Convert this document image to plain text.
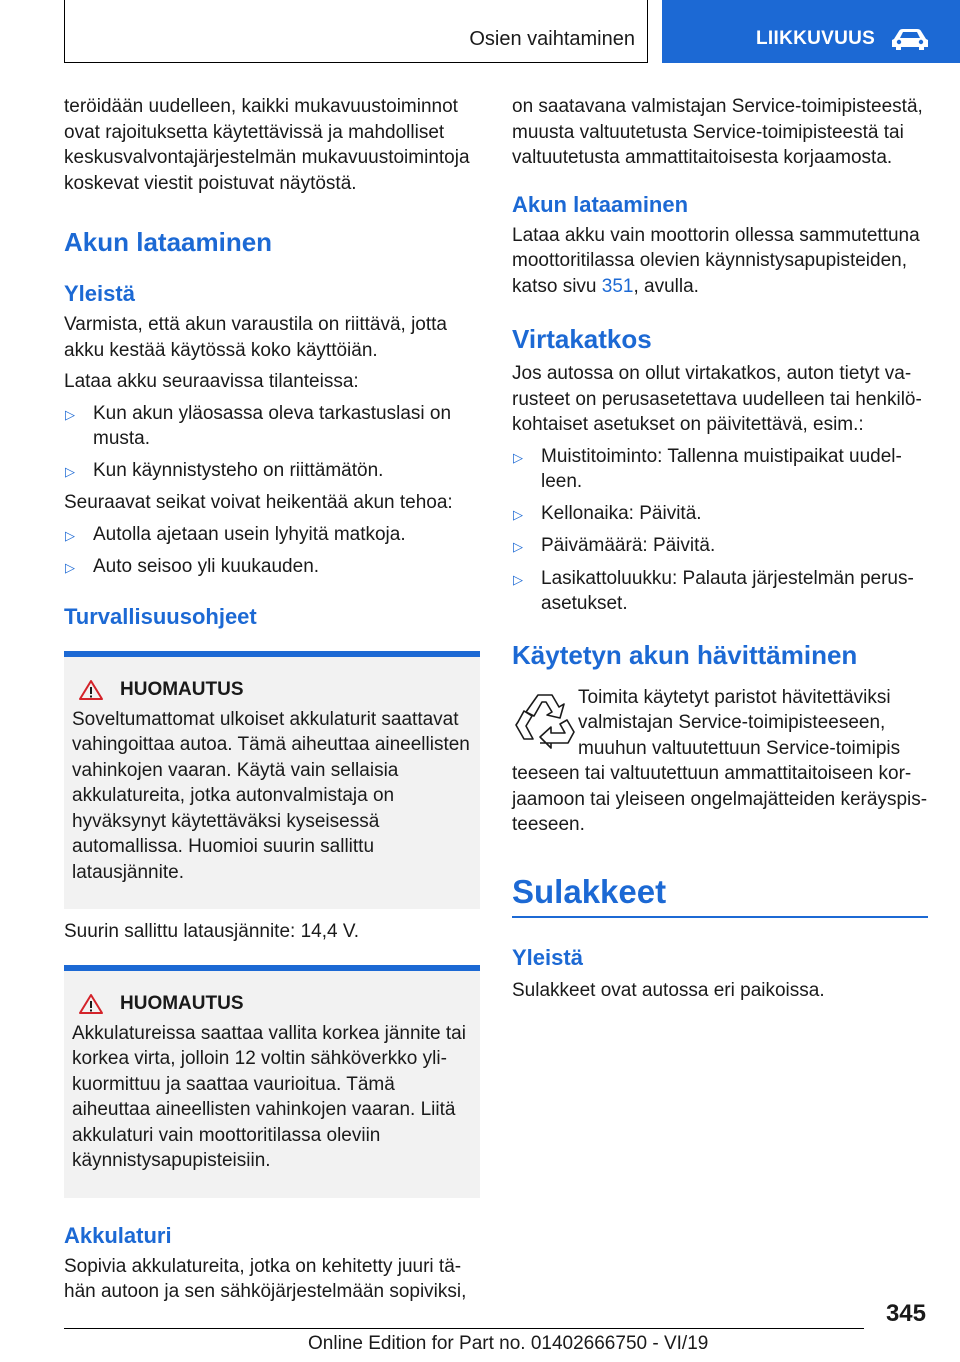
Osien vaihtaminen	LIIKKUVUUS

teröidään uudelleen, kaikki mukavuustoiminnot ovat rajoituksetta käytettävissä ja mahdolliset keskusvalvontajärjestelmän mukavuustoimintoja koskevat viestit poistuvat näytöstä.

Akun lataaminen
Yleistä

Varmista, että akun varaustila on riittävä, jotta akku kestää käytössä koko käyttöiän.

Lataa akku seuraavissa tilanteissa:

▷ Kun akun yläosassa oleva tarkastuslasi on musta.
▷ Kun käynnistysteho on riittämätön.

Seuraavat seikat voivat heikentää akun tehoa:

▷ Autolla ajetaan usein lyhyitä matkoja.
▷ Auto seisoo yli kuukauden.
Turvallisuusohjeet
HUOMAUTUS

Soveltumattomat ulkoiset akkulaturit saattavat vahingoittaa autoa. Tämä aiheuttaa aineellisten vahinkojen vaaran. Käytä vain sellaisia akkulatureita, jotka autonvalmistaja on hyväksynyt käytettäväksi kyseisessä automallissa. Huomioi suurin sallittu latausjännite.

Suurin sallittu latausjännite: 14,4 V.

HUOMAUTUS

Akkulatureissa saattaa vallita korkea jännite tai korkea virta, jolloin 12 voltin sähköverkko ylikuormittuu ja saattaa vaurioitua. Tämä aiheuttaa aineellisten vahinkojen vaaran. Liitä akkulaturi vain moottoritilassa oleviin käynnistysapupisteisiin.

Akkulaturi

Sopivia akkulatureita, jotka on kehitetty juuri tähän autoon ja sen sähköjärjestelmään sopiviksi,

on saatavana valmistajan Service-toimipisteestä, muusta valtuutetusta Service-toimipisteestä tai valtuutetusta ammattitaitoisesta korjaamosta.

Akun lataaminen

Lataa akku vain moottorin ollessa sammutettuna moottoritilassa olevien käynnistysapupisteiden, katso sivu 351, avulla.

Virtakatkos

Jos autossa on ollut virtakatkos, auton tietyt varusteet on perusasetettava uudelleen tai henkilökohtaiset asetukset on päivitettävä, esim.:

▷ Muistitoiminto: Tallenna muistipaikat uudelleen.
▷ Kellonaika: Päivitä.
▷ Päivämäärä: Päivitä.
▷ Lasikattoluukku: Palauta järjestelmän perusasetukset.
Käytetyn akun hävittäminen

Toimita käytetyt paristot hävitettäviksi valmistajan Service-toimipisteeseen, muuhun valtuutettuun Service-toimipis

teeseen tai valtuutettuun ammattitaitoiseen korjaamoon tai yleiseen ongelmajätteiden keräyspisteeseen.

Sulakkeet
Yleistä

Sulakkeet ovat autossa eri paikoissa.

345
Online Edition for Part no. 01402666750 - VI/19
